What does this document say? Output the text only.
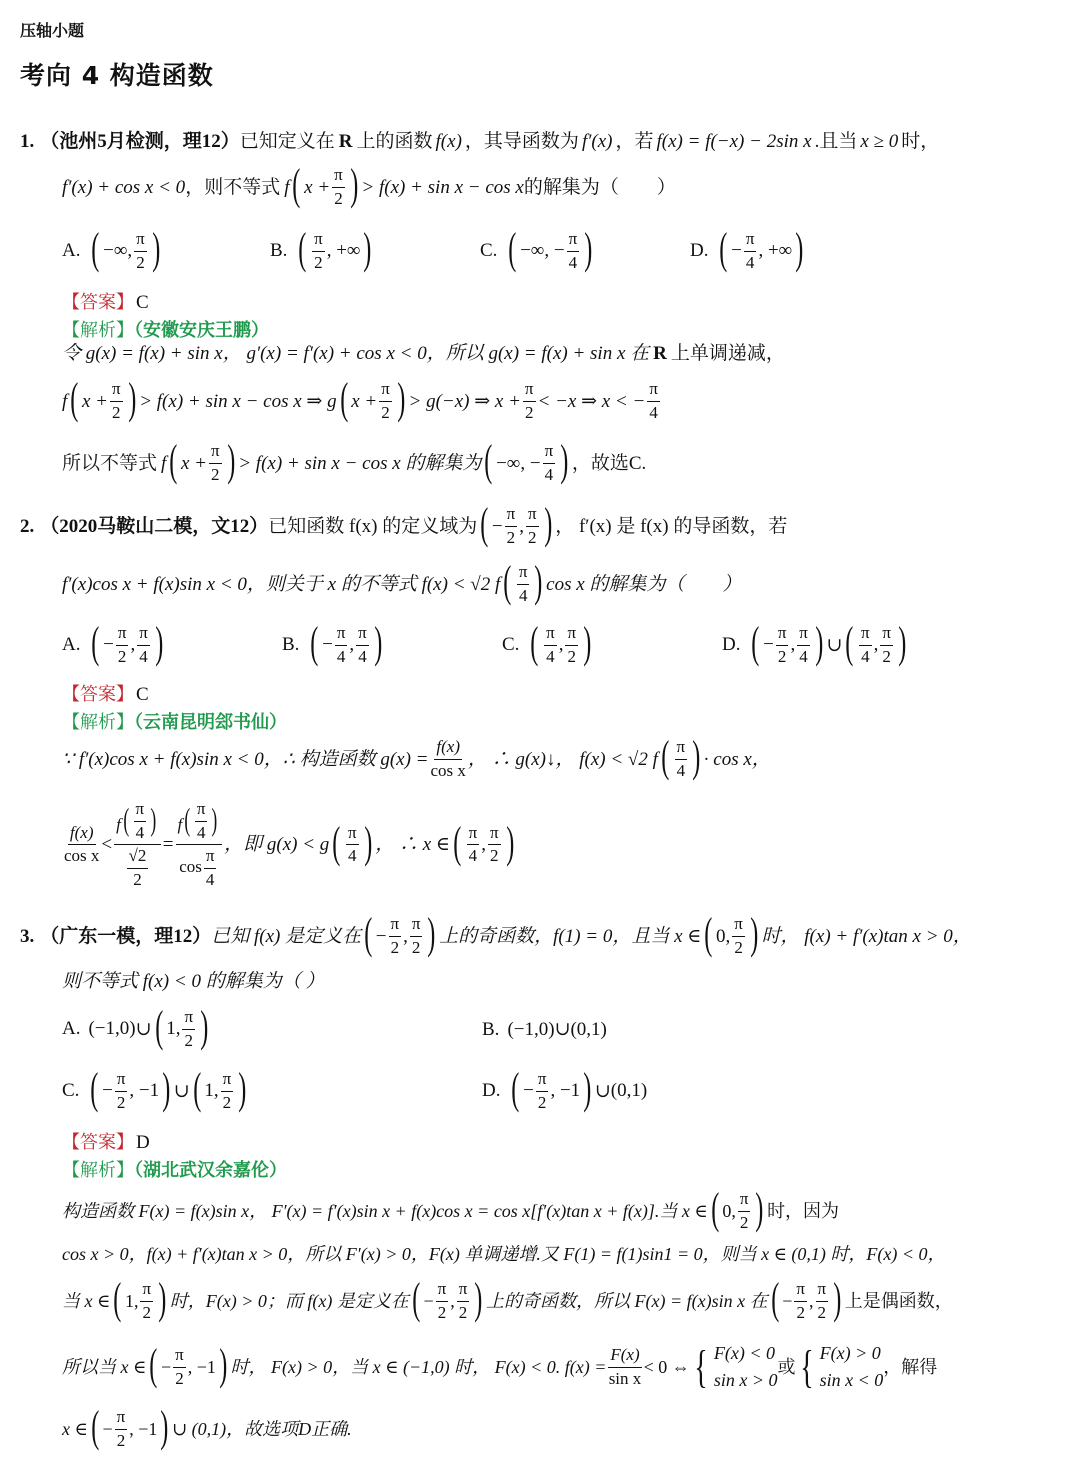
压轴小题
考向 4 构造函数
1. （池州5月检测，理12） 已知定义在 R 上的函数 f(x) ， 其导函数为 f′(x) ， 若 f(x) = f(−x) − 2sin x .且当 x ≥ 0 时，
f′(x) + cos x < 0 ，则不等式 f ( $x + \frac{\pi}{2}$ ) > f(x) + sin x − cos x 的解集为（　　）
A. ( −∞, $\frac{\pi}{2}$ )	B. ( $\frac{\pi}{2}$ , +∞ )	C. ( −∞, − $\frac{\pi}{4}$ )	D. ( − $\frac{\pi}{4}$ , +∞ )
【答案】 C
【解析】（安徽安庆王鹏）
令 g(x) = f(x) + sin x， g′(x) = f′(x) + cos x < 0，所以 g(x) = f(x) + sin x 在 R 上单调递减，
f ( $x + \frac{\pi}{2}$ ) > f(x) + sin x − cos x ⇒ g ( $x + \frac{\pi}{2}$ ) > g(−x) ⇒ $x + \frac{\pi}{2} < -x$ ⇒ x < − $\frac{\pi}{4}$
所以不等式 f ( $x + \frac{\pi}{2}$ ) > f(x) + sin x − cos x 的解集为 ( −∞, − $\frac{\pi}{4}$ ) ，故选C.
2. （2020马鞍山二模，文12） 已知函数 f(x) 的定义域为 ( − $\frac{\pi}{2}$ , $\frac{\pi}{2}$ ) ， f′(x) 是 f(x) 的导函数，若
f′(x)cos x + f(x)sin x < 0，则关于 x 的不等式 f(x) < √2 f ( $\frac{\pi}{4}$ ) cos x 的解集为（　　）
A. ( − $\frac{\pi}{2}$ , $\frac{\pi}{4}$ )	B. ( − $\frac{\pi}{4}$ , $\frac{\pi}{4}$ )	C. ( $\frac{\pi}{4}$ , $\frac{\pi}{2}$ )	D. ( − $\frac{\pi}{2}$ , $\frac{\pi}{4}$ ) ∪ ( $\frac{\pi}{4}$ , $\frac{\pi}{2}$ )
【答案】 C
【解析】（云南昆明郐书仙）
∵ f′(x)cos x + f(x)sin x < 0，∴ 构造函数 $g(x) = \frac{f(x)}{\text{cos x}}$ ， ∴ g(x)↓， f(x) < √2 f ( $\frac{\pi}{4}$ ) · cos x，
$\frac{f(x)}{\text{cos x}} < \frac{f ( \frac{\pi}{4} )}{\frac{√2}{2}} = \frac{f ( \frac{\pi}{4} )}{\cos \frac{\pi}{4}}$ ，即 g(x) < g ( $\frac{\pi}{4}$ ) ， ∴ x ∈ ( $\frac{\pi}{4}$ , $\frac{\pi}{2}$ )
3. （广东一模，理12） 已知 f(x) 是定义在 ( − $\frac{\pi}{2}$ , $\frac{\pi}{2}$ ) 上的奇函数，f(1) = 0，且当 x ∈ ( 0, $\frac{\pi}{2}$ ) 时， f(x) + f′(x)tan x > 0，
则不等式 f(x) < 0 的解集为（ ）
A. (−1,0) ∪ ( 1, $\frac{\pi}{2}$ )	B. (−1,0) ∪ (0,1)
C. ( − $\frac{\pi}{2}$ , −1 ) ∪ ( 1, $\frac{\pi}{2}$ )	D. ( − $\frac{\pi}{2}$ , −1 ) ∪ (0,1)
【答案】 D
【解析】（湖北武汉余嘉伦）
构造函数 F(x) = f(x)sin x， F′(x) = f′(x)sin x + f(x)cos x = cos x[f′(x)tan x + f(x)].当 x ∈ ( 0, $\frac{\pi}{2}$ ) 时，因为
cos x > 0，f(x) + f′(x)tan x > 0，所以 F′(x) > 0，F(x) 单调递增.又 F(1) = f(1)sin1 = 0，则当 x ∈ (0,1) 时，F(x) < 0，
当 x ∈ ( 1, $\frac{\pi}{2}$ ) 时，F(x) > 0；而 f(x) 是定义在 ( − $\frac{\pi}{2}$ , $\frac{\pi}{2}$ ) 上的奇函数，所以 F(x) = f(x)sin x 在 ( − $\frac{\pi}{2}$ , $\frac{\pi}{2}$ ) 上是偶函数，
所以当 x ∈ ( − $\frac{\pi}{2}$ , −1 ) 时， F(x) > 0，当 x ∈ (−1,0) 时， F(x) < 0. $f(x) = \frac{F(x)}{\text{sin x}} < 0$ ⇔ { F(x) < 0
sin x > 0
或 { F(x) > 0
sin x < 0
，解得
x ∈ ( − $\frac{\pi}{2}$ , −1 ) ∪ (0,1)，故选项D正确.
